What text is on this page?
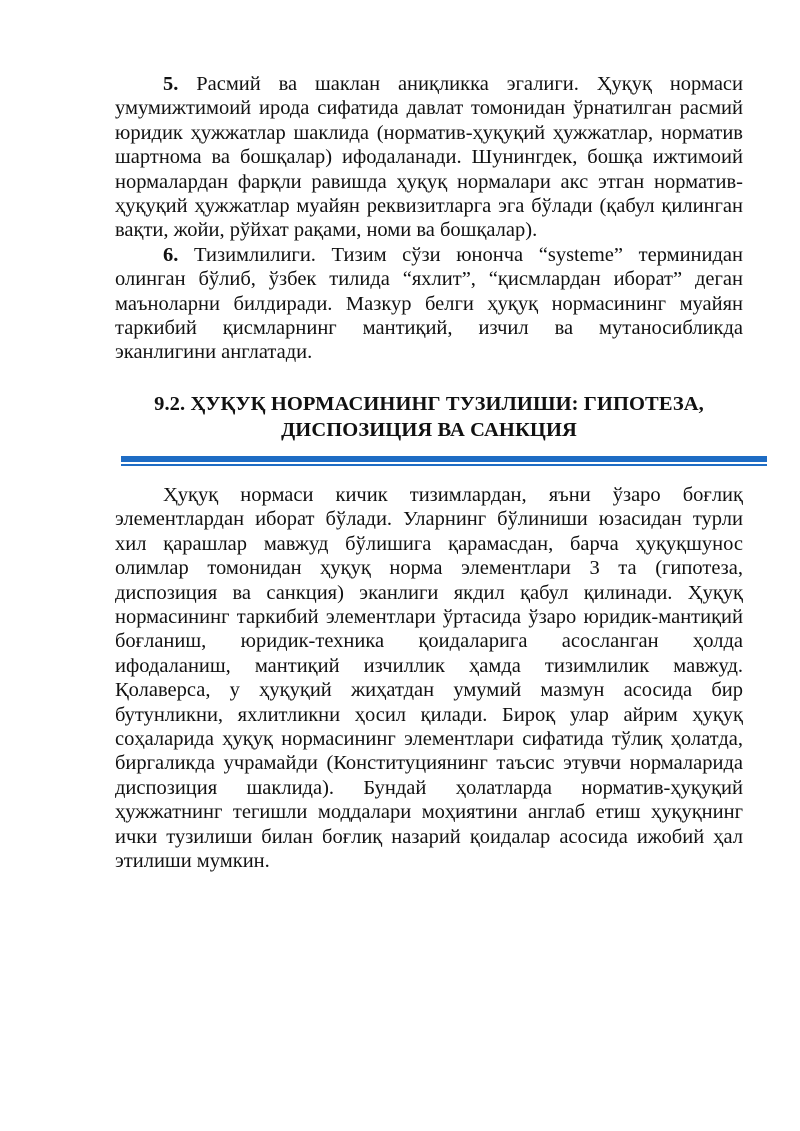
5. Расмий ва шаклан аниқликка эгалиги. Ҳуқуқ нормаси умумижтимоий ирода сифатида давлат томонидан ўрнатилган расмий юридик ҳужжатлар шаклида (норматив-ҳуқуқий ҳужжатлар, норматив шартнома ва бошқалар) ифодаланади. Шунингдек, бошқа ижтимоий нормалардан фарқли равишда ҳуқуқ нормалари акс этган норматив-ҳуқуқий ҳужжатлар муайян реквизитларга эга бўлади (қабул қилинган вақти, жойи, рўйхат рақами, номи ва бошқалар).

6. Тизимлилиги. Тизим сўзи юнонча “systeme” терминидан олинган бўлиб, ўзбек тилида “яхлит”, “қисмлардан иборат” деган маъноларни билдиради. Мазкур белги ҳуқуқ нормасининг муайян таркибий қисмларнинг мантиқий, изчил ва мутаносибликда эканлигини англатади.

9.2. ҲУҚУҚ НОРМАСИНИНГ ТУЗИЛИШИ: ГИПОТЕЗА,
ДИСПОЗИЦИЯ ВА САНКЦИЯ

Ҳуқуқ нормаси кичик тизимлардан, яъни ўзаро боғлиқ элементлардан иборат бўлади. Уларнинг бўлиниши юзасидан турли хил қарашлар мавжуд бўлишига қарамасдан, барча ҳуқуқшунос олимлар томонидан ҳуқуқ норма элементлари 3 та (гипотеза, диспозиция ва санкция) эканлиги якдил қабул қилинади. Ҳуқуқ нормасининг таркибий элементлари ўртасида ўзаро юридик-мантиқий боғланиш, юридик-техника қоидаларига асосланган ҳолда ифодаланиш, мантиқий изчиллик ҳамда тизимлилик мавжуд. Қолаверса, у ҳуқуқий жиҳатдан умумий мазмун асосида бир бутунликни, яхлитликни ҳосил қилади. Бироқ улар айрим ҳуқуқ соҳаларида ҳуқуқ нормасининг элементлари сифатида тўлиқ ҳолатда, биргаликда учрамайди (Конституциянинг таъсис этувчи нормаларида диспозиция шаклида). Бундай ҳолатларда норматив-ҳуқуқий ҳужжатнинг тегишли моддалари моҳиятини англаб етиш ҳуқуқнинг ички тузилиши билан боғлиқ назарий қоидалар асосида ижобий ҳал этилиши мумкин.
